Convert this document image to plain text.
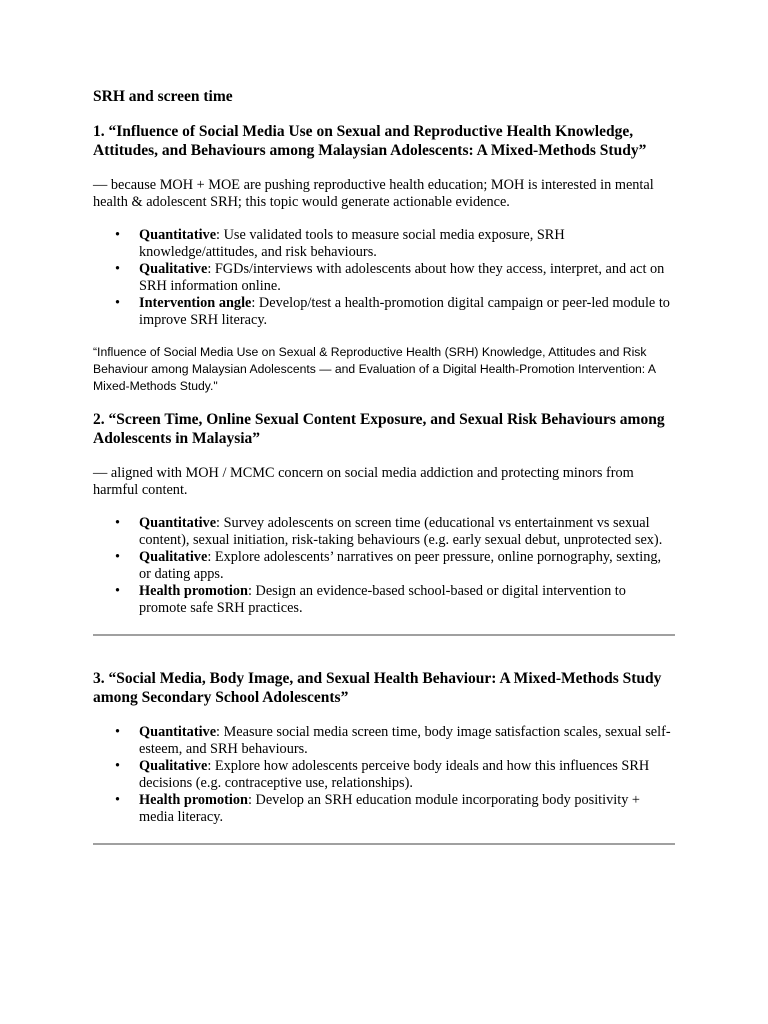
SRH and screen time
1. “Influence of Social Media Use on Sexual and Reproductive Health Knowledge, Attitudes, and Behaviours among Malaysian Adolescents: A Mixed-Methods Study”
— because MOH + MOE are pushing reproductive health education; MOH is interested in mental health & adolescent SRH; this topic would generate actionable evidence.
• Quantitative: Use validated tools to measure social media exposure, SRH knowledge/attitudes, and risk behaviours.
• Qualitative: FGDs/interviews with adolescents about how they access, interpret, and act on SRH information online.
• Intervention angle: Develop/test a health-promotion digital campaign or peer-led module to improve SRH literacy.
“Influence of Social Media Use on Sexual & Reproductive Health (SRH) Knowledge, Attitudes and Risk Behaviour among Malaysian Adolescents — and Evaluation of a Digital Health-Promotion Intervention: A Mixed-Methods Study."
2. “Screen Time, Online Sexual Content Exposure, and Sexual Risk Behaviours among Adolescents in Malaysia”
— aligned with MOH / MCMC concern on social media addiction and protecting minors from harmful content.
• Quantitative: Survey adolescents on screen time (educational vs entertainment vs sexual content), sexual initiation, risk-taking behaviours (e.g. early sexual debut, unprotected sex).
• Qualitative: Explore adolescents’ narratives on peer pressure, online pornography, sexting, or dating apps.
• Health promotion: Design an evidence-based school-based or digital intervention to promote safe SRH practices.
3. “Social Media, Body Image, and Sexual Health Behaviour: A Mixed-Methods Study among Secondary School Adolescents”
• Quantitative: Measure social media screen time, body image satisfaction scales, sexual self-esteem, and SRH behaviours.
• Qualitative: Explore how adolescents perceive body ideals and how this influences SRH decisions (e.g. contraceptive use, relationships).
• Health promotion: Develop an SRH education module incorporating body positivity + media literacy.
